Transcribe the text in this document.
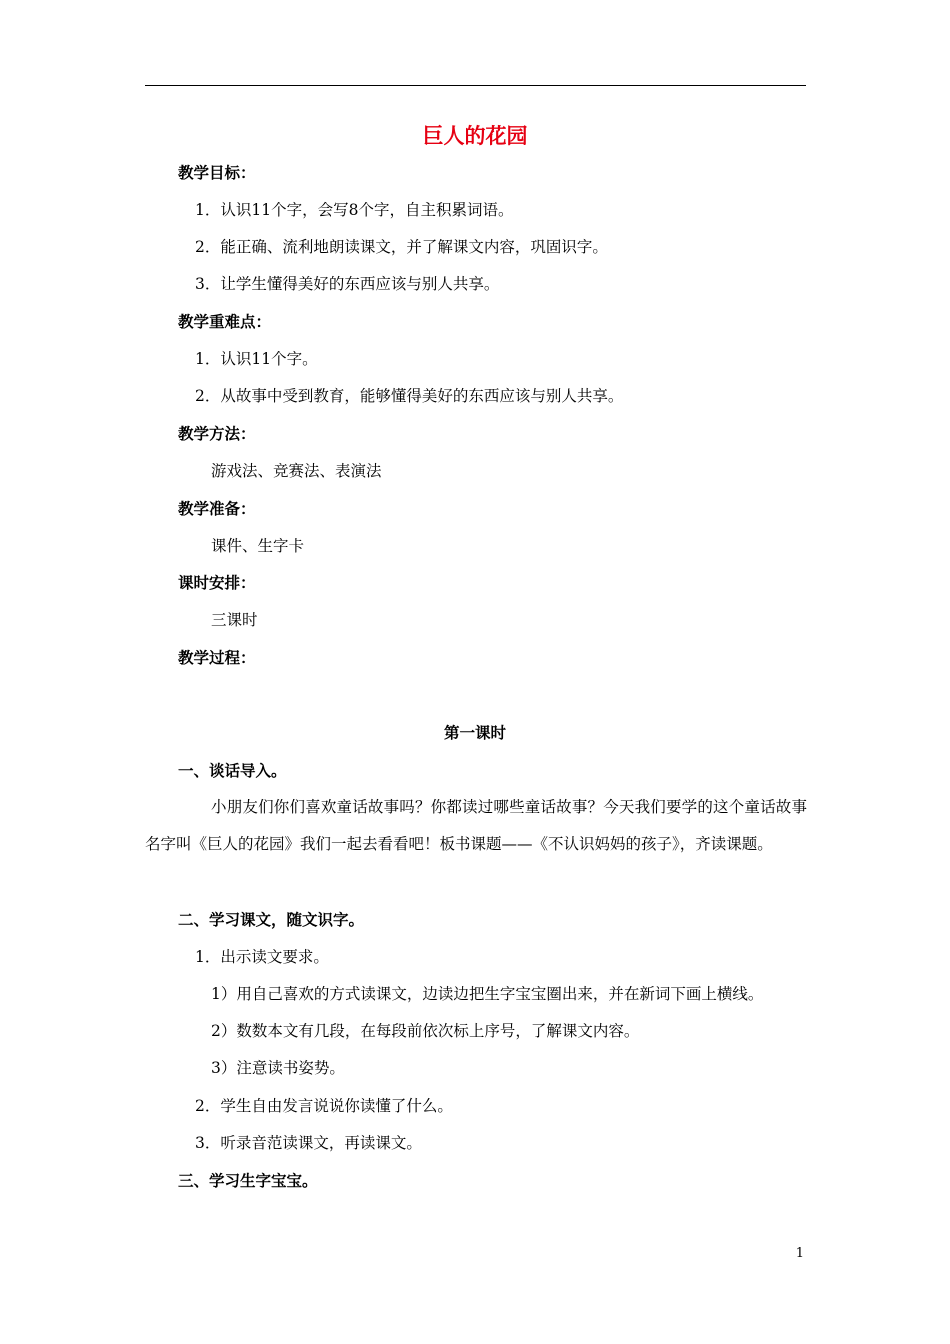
巨人的花园
教学目标：
1．认识11个字，会写8个字，自主积累词语。
2．能正确、流利地朗读课文，并了解课文内容，巩固识字。
3．让学生懂得美好的东西应该与别人共享。
教学重难点：
1．认识11个字。
2．从故事中受到教育，能够懂得美好的东西应该与别人共享。
教学方法：
游戏法、竞赛法、表演法
教学准备：
课件、生字卡
课时安排：
三课时
教学过程：
第一课时
一、谈话导入。
小朋友们你们喜欢童话故事吗？你都读过哪些童话故事？今天我们要学的这个童话故事名字叫《巨人的花园》我们一起去看看吧！板书课题——《不认识妈妈的孩子》，齐读课题。
二、学习课文，随文识字。
1．出示读文要求。
1）用自己喜欢的方式读课文，边读边把生字宝宝圈出来，并在新词下画上横线。
2）数数本文有几段，在每段前依次标上序号，了解课文内容。
3）注意读书姿势。
2．学生自由发言说说你读懂了什么。
3．听录音范读课文，再读课文。
三、学习生字宝宝。
1
